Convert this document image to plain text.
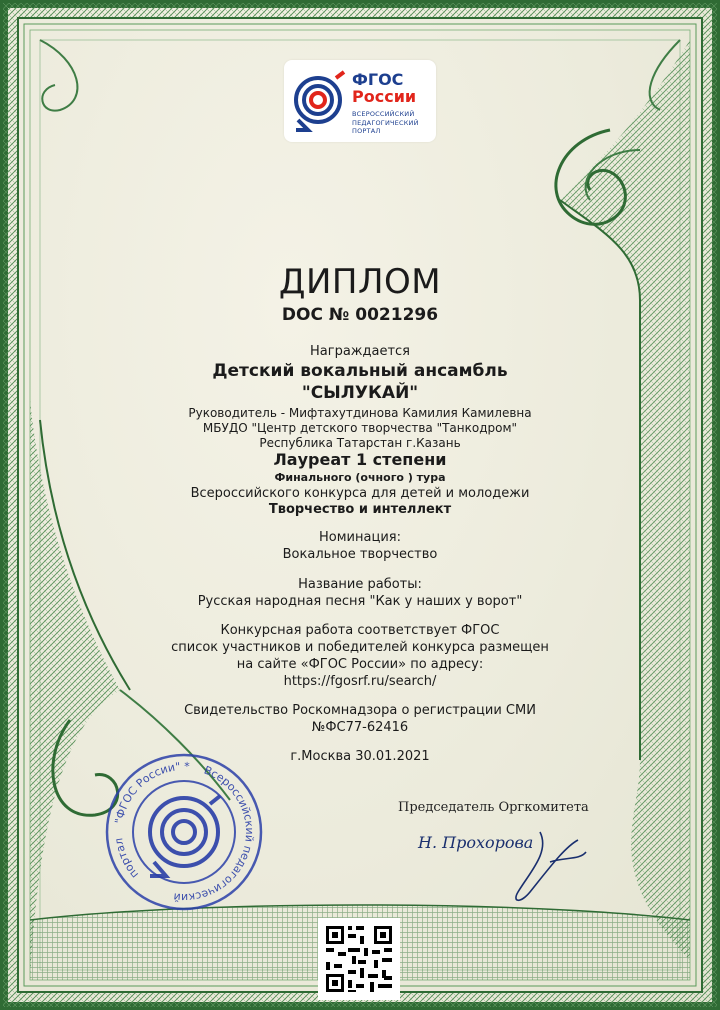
ФГОС
России
ВСЕРОССИЙСКИЙ
ПЕДАГОГИЧЕСКИЙ
ПОРТАЛ
ДИПЛОМ
DOC № 0021296
Награждается
Детский вокальный ансамбль
"СЫЛУКАЙ"
Руководитель - Мифтахутдинова Камилия Камилевна
МБУДО "Центр детского творчества "Танкодром"
Республика Татарстан г.Казань
Лауреат 1 степени
Финального (очного ) тура
Всероссийского конкурса для детей и молодежи
Творчество и интеллект
Номинация:
Вокальное творчество
Название работы:
Русская народная песня "Как у наших у ворот"
Конкурсная работа соответствует ФГОС
список участников и победителей конкурса размещен
на сайте «ФГОС России» по адресу:
https://fgosrf.ru/search/
Свидетельство Роскомнадзора о регистрации СМИ
№ФС77-62416
г.Москва 30.01.2021
Председатель Оргкомитета
Н. Прохорова
"ФГОС России" *	Всероссийский педагогический
портал
